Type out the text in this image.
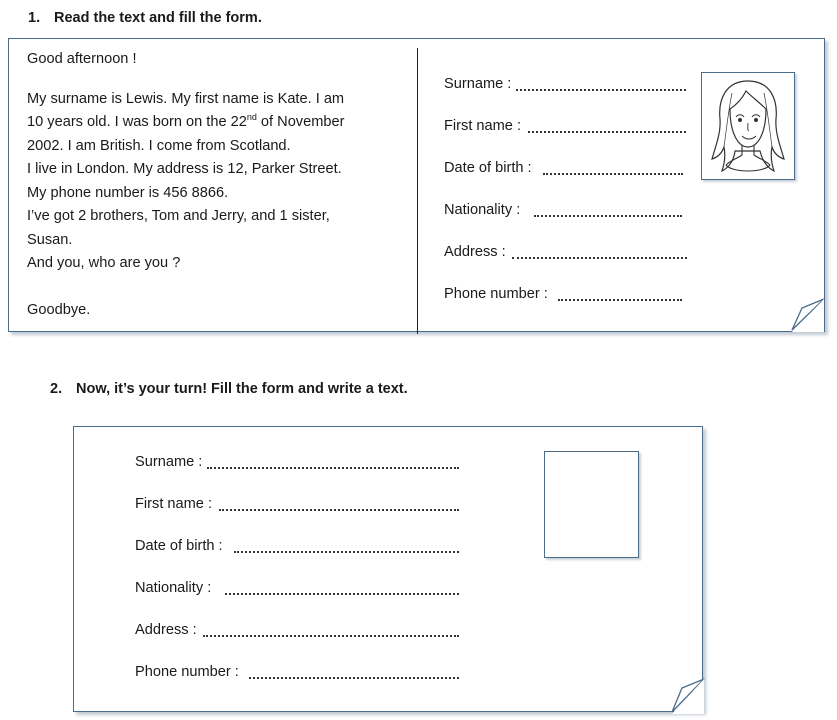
1. Read the text and fill the form.

Good afternoon !

My surname is Lewis. My first name is Kate. I am

10 years old. I was born on the 22nd of November

2002. I am British. I come from Scotland.

I live in London. My address is 12, Parker Street.

My phone number is 456 8866.

I’ve got 2 brothers, Tom and Jerry, and 1 sister,

Susan.

And you, who are you ?

Goodbye.

Surname :
First name :
Date of birth :
Nationality :
Address :
Phone number :
2. Now, it’s your turn! Fill the form and write a text.
Surname :
First name :
Date of birth :
Nationality :
Address :
Phone number :
